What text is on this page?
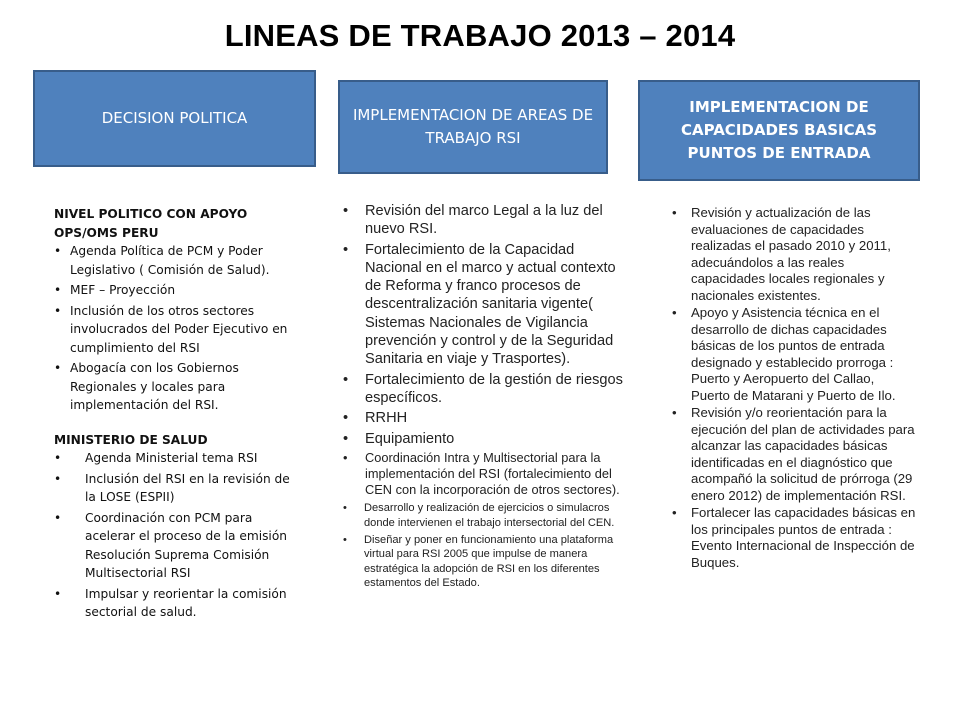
LINEAS DE TRABAJO 2013 – 2014
DECISION POLITICA	IMPLEMENTACION DE AREAS DE TRABAJO RSI
IMPLEMENTACION DE CAPACIDADES BASICAS PUNTOS DE ENTRADA
NIVEL POLITICO CON APOYO OPS/OMS PERU
• Agenda Política de PCM y Poder Legislativo ( Comisión de Salud).
• MEF – Proyección
• Inclusión de los otros sectores involucrados del Poder Ejecutivo en cumplimiento del RSI
• Abogacía con los Gobiernos Regionales y locales para implementación del RSI.
MINISTERIO DE SALUD
• Agenda Ministerial tema RSI
• Inclusión del RSI en la revisión de la LOSE (ESPII)
• Coordinación con PCM para acelerar el proceso de la emisión Resolución Suprema Comisión Multisectorial RSI
• Impulsar y reorientar la comisión sectorial de salud.
• Revisión del marco Legal a la luz del nuevo RSI.
• Fortalecimiento de la Capacidad Nacional en el marco y actual contexto de Reforma y franco procesos de descentralización sanitaria vigente( Sistemas Nacionales de Vigilancia prevención y control y de la Seguridad Sanitaria en viaje y Trasportes).
• Fortalecimiento de la gestión de riesgos específicos.
• RRHH
• Equipamiento
• Coordinación Intra y Multisectorial para la implementación del RSI (fortalecimiento del CEN con la incorporación de otros sectores).
• Desarrollo y realización de ejercicios o simulacros donde intervienen el trabajo intersectorial del CEN.
• Diseñar y poner en funcionamiento una plataforma virtual para RSI 2005 que impulse de manera estratégica la adopción de RSI en los diferentes estamentos del Estado.
• Revisión y actualización de las evaluaciones de capacidades realizadas el pasado 2010 y 2011, adecuándolos a las reales capacidades locales regionales y nacionales existentes.
• Apoyo y Asistencia técnica en el desarrollo de dichas capacidades básicas de los puntos de entrada designado y establecido prorroga : Puerto y Aeropuerto del Callao, Puerto de Matarani y Puerto de Ilo.
• Revisión y/o reorientación para la ejecución del plan de actividades para alcanzar las capacidades básicas identificadas en el diagnóstico que acompañó la solicitud de prórroga (29 enero 2012) de implementación RSI.
• Fortalecer las capacidades básicas en los principales puntos de entrada : Evento Internacional de Inspección de Buques.
